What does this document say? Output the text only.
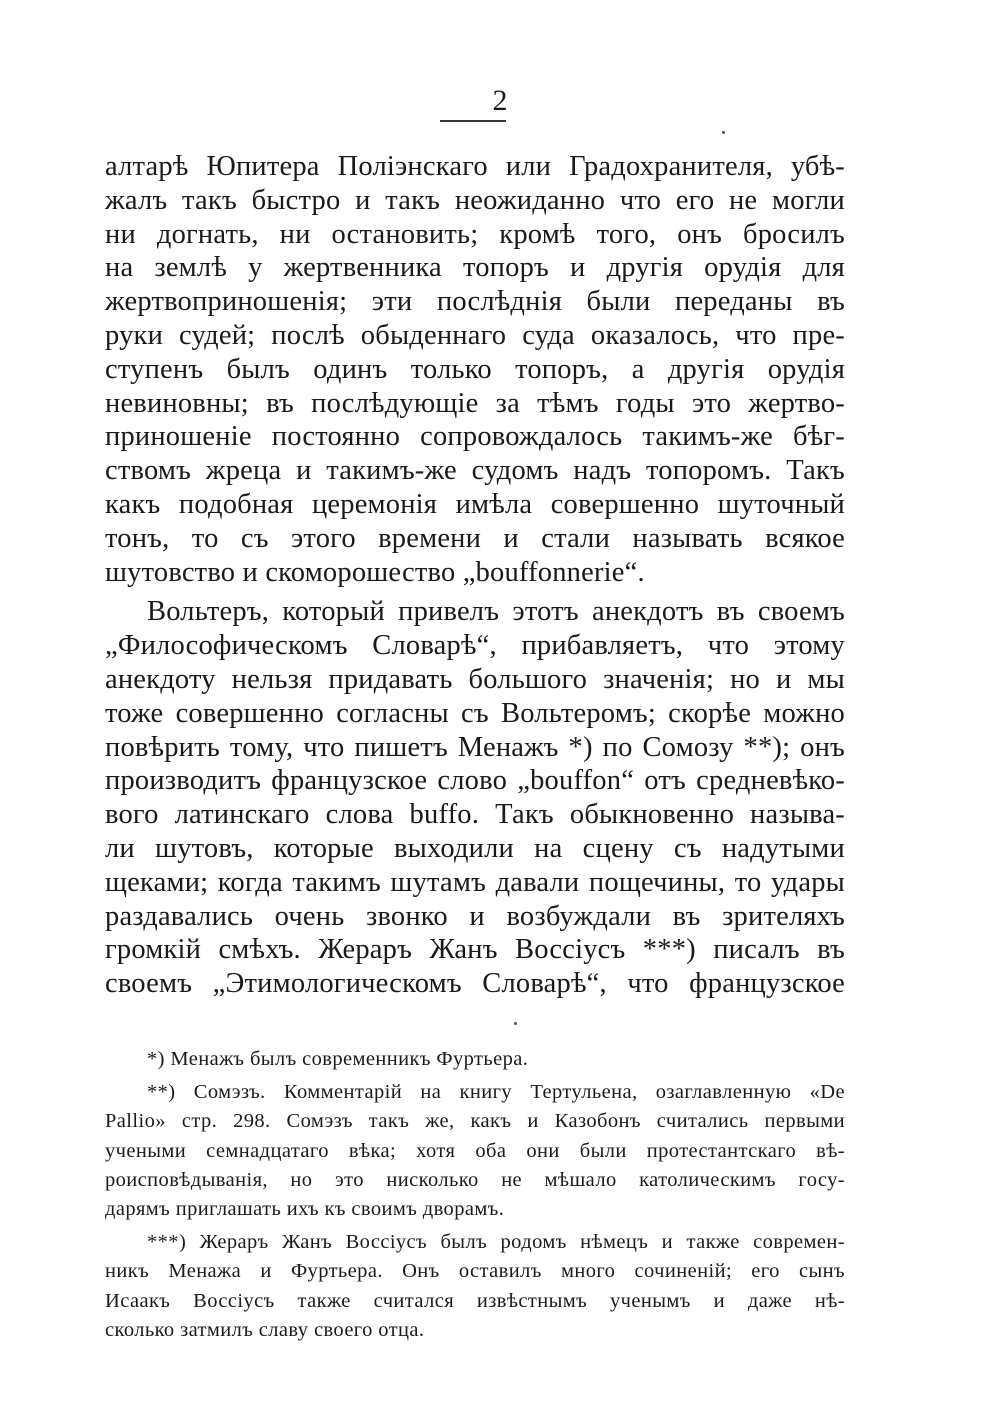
2
алтарѣ Юпитера Поліэнскаго или Градохранителя, убѣ-
жалъ такъ быстро и такъ неожиданно что его не могли
ни догнать, ни остановить; кромѣ того, онъ бросилъ
на землѣ у жертвенника топоръ и другія орудія для
жертвоприношенія; эти послѣднія были переданы въ
руки судей; послѣ обыденнаго суда оказалось, что пре-
ступенъ былъ одинъ только топоръ, а другія орудія
невиновны; въ послѣдующіе за тѣмъ годы это жертво-
приношеніе постоянно сопровождалось такимъ-же бѣг-
ствомъ жреца и такимъ-же судомъ надъ топоромъ. Такъ
какъ подобная церемонія имѣла совершенно шуточный
тонъ, то съ этого времени и стали называть всякое
шутовство и скоморошество „bouffonnerie“.
Вольтеръ, который привелъ этотъ анекдотъ въ своемъ
„Философическомъ Словарѣ“, прибавляетъ, что этому
анекдоту нельзя придавать большого значенія; но и мы
тоже совершенно согласны съ Вольтеромъ; скорѣе можно
повѣрить тому, что пишетъ Менажъ *) по Сомозу **); онъ
производитъ французское слово „bouffon“ отъ средневѣко-
вого латинскаго слова buffo. Такъ обыкновенно называ-
ли шутовъ, которые выходили на сцену съ надутыми
щеками; когда такимъ шутамъ давали пощечины, то удары
раздавались очень звонко и возбуждали въ зрителяхъ
громкій смѣхъ. Жераръ Жанъ Воссіусъ ***) писалъ въ
своемъ „Этимологическомъ Словарѣ“, что французское
*) Менажъ былъ современникъ Фуртьера.
**) Сомэзъ. Комментарій на книгу Тертульена, озаглавленную «De
Pallio» стр. 298. Сомэзъ такъ же, какъ и Казобонъ считались первыми
учеными семнадцатаго вѣка; хотя оба они были протестантскаго вѣ-
роисповѣдыванія, но это нисколько не мѣшало католическимъ госу-
дарямъ приглашать ихъ къ своимъ дворамъ.
***) Жераръ Жанъ Воссіусъ былъ родомъ нѣмецъ и также современ-
никъ Менажа и Фуртьера. Онъ оставилъ много сочиненій; его сынъ
Исаакъ Воссіусъ также считался извѣстнымъ ученымъ и даже нѣ-
сколько затмилъ славу своего отца.
